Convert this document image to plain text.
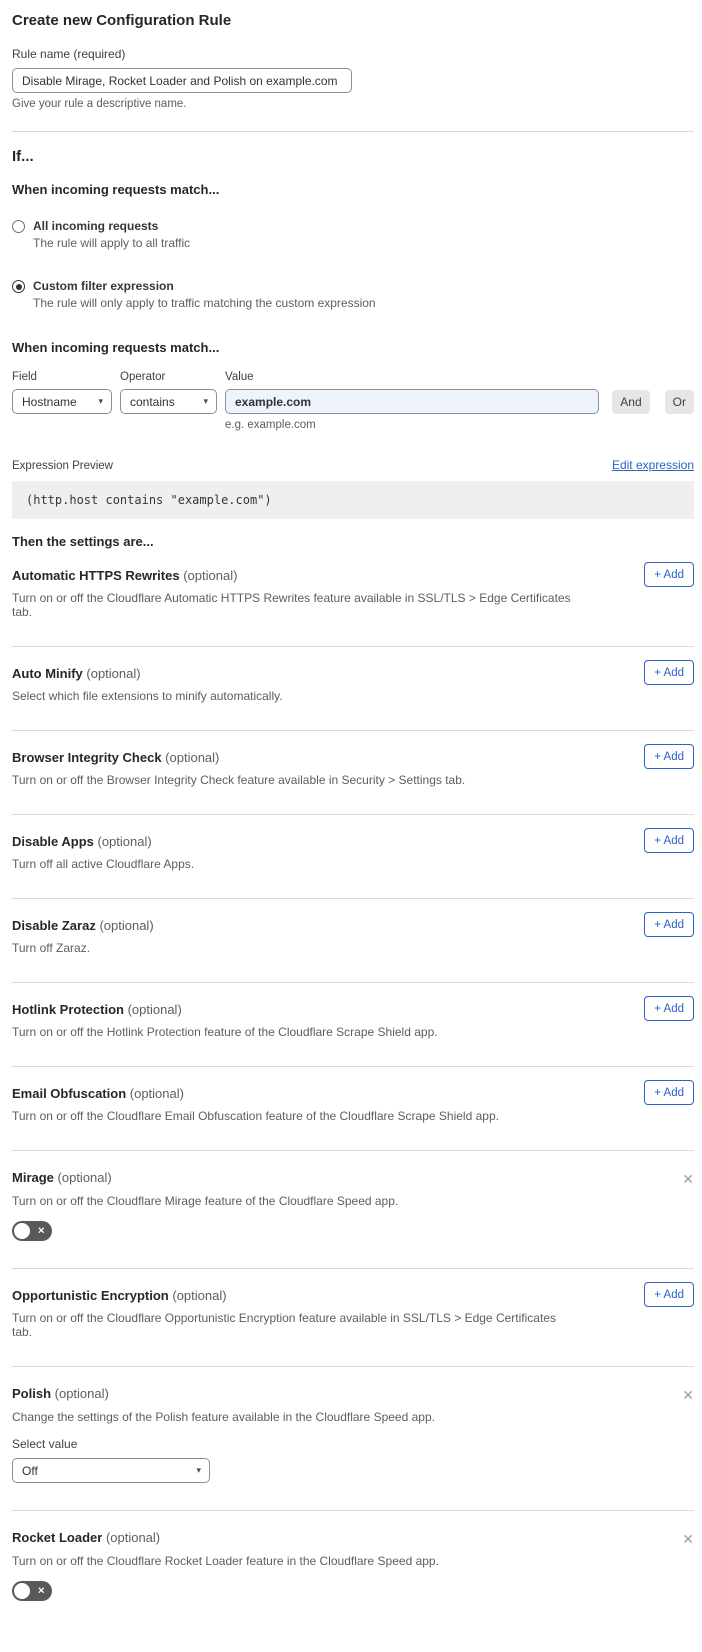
Create new Configuration Rule
Rule name (required)
Disable Mirage, Rocket Loader and Polish on example.com
Give your rule a descriptive name.
If...
When incoming requests match...
All incoming requests
The rule will apply to all traffic
Custom filter expression
The rule will only apply to traffic matching the custom expression
When incoming requests match...
Field
Hostname ▾
Operator
contains	▾
Value
example.com
e.g. example.com
And	Or
Expression Preview	Edit expression
(http.host contains "example.com")
Then the settings are...
Automatic HTTPS Rewrites (optional)
Turn on or off the Cloudflare Automatic HTTPS Rewrites feature available in SSL/TLS > Edge Certificates tab.
+ Add
Auto Minify (optional)
Select which file extensions to minify automatically.
+ Add
Browser Integrity Check (optional)
Turn on or off the Browser Integrity Check feature available in Security > Settings tab.
+ Add
Disable Apps (optional)
Turn off all active Cloudflare Apps.
+ Add
Disable Zaraz (optional)
Turn off Zaraz.
+ Add
Hotlink Protection (optional)
Turn on or off the Hotlink Protection feature of the Cloudflare Scrape Shield app.
+ Add
Email Obfuscation (optional)
Turn on or off the Cloudflare Email Obfuscation feature of the Cloudflare Scrape Shield app.
+ Add
Mirage (optional)	✕
Turn on or off the Cloudflare Mirage feature of the Cloudflare Speed app.
✕
Opportunistic Encryption (optional)
Turn on or off the Cloudflare Opportunistic Encryption feature available in SSL/TLS > Edge Certificates tab.
+ Add
Polish (optional)	✕
Change the settings of the Polish feature available in the Cloudflare Speed app.
Select value
Off	▾
Rocket Loader (optional)	✕
Turn on or off the Cloudflare Rocket Loader feature in the Cloudflare Speed app.
✕
